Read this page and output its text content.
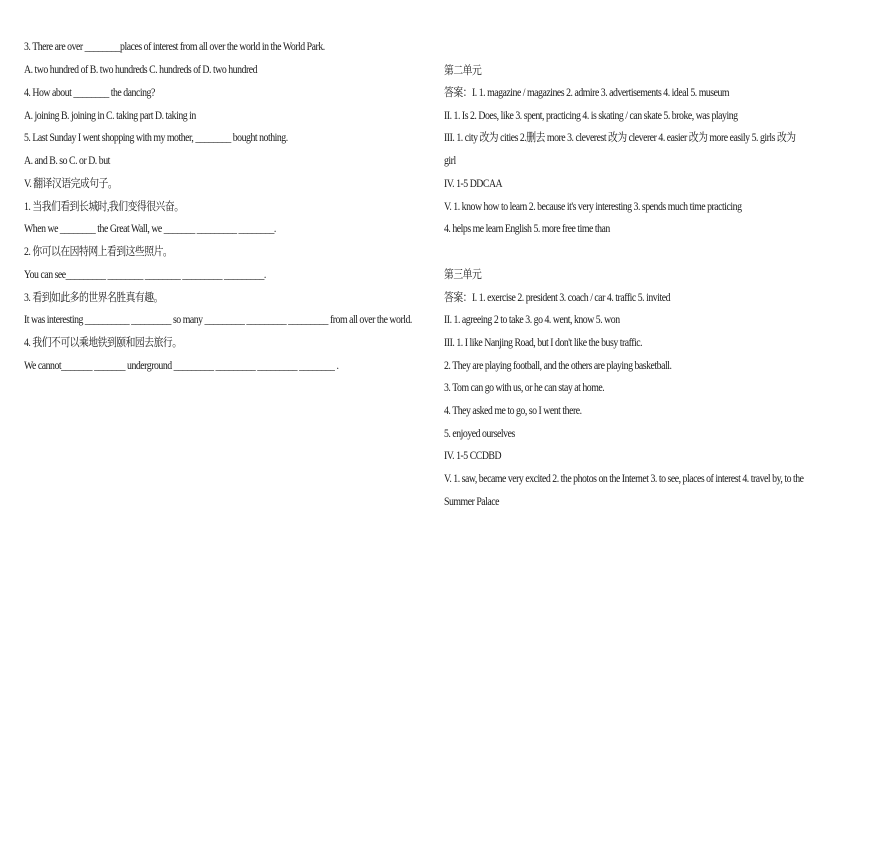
3. There are over ________places of interest from all over the world in the World Park.
A. two hundred of B. two hundreds C. hundreds of D. two hundred
4. How about ________ the dancing?
A. joining B. joining in C. taking part D. taking in
5. Last Sunday I went shopping with my mother, ________ bought nothing.
A. and B. so C. or D. but
V. 翻译汉语完成句子。
1. 当我们看到长城时,我们变得很兴奋。
When we ________ the Great Wall, we _______ _________ ________.
2. 你可以在因特网上看到这些照片。
You can see_________ ________ ________ _________ _________.
3. 看到如此多的世界名胜真有趣。
It was interesting __________ _________ so many _________ _________ _________ from all over the world.
4. 我们不可以乘地铁到颐和园去旅行。
We cannot_______ _______ underground _________ _________ _________ ________ .
第二单元
答案：I. 1. magazine / magazines 2. admire 3. advertisements 4. ideal 5. museum
II. 1. Is 2. Does, like 3. spent, practicing 4. is skating / can skate 5. broke, was playing
III. 1. city 改为 cities 2.删去 more 3. cleverest 改为 cleverer 4. easier 改为 more easily 5. girls 改为
girl
IV. 1-5 DDCAA
V. 1. know how to learn 2. because it's very interesting 3. spends much time practicing
4. helps me learn English 5. more free time than
第三单元
答案：I. 1. exercise 2. president 3. coach / car 4. traffic 5. invited
II. 1. agreeing 2 to take 3. go 4. went, know 5. won
III. 1. I like Nanjing Road, but I don't like the busy traffic.
2. They are playing football, and the others are playing basketball.
3. Tom can go with us, or he can stay at home.
4. They asked me to go, so I went there.
5. enjoyed ourselves
IV. 1-5 CCDBD
V. 1. saw, became very excited 2. the photos on the Internet 3. to see, places of interest 4. travel by, to the
Summer Palace
